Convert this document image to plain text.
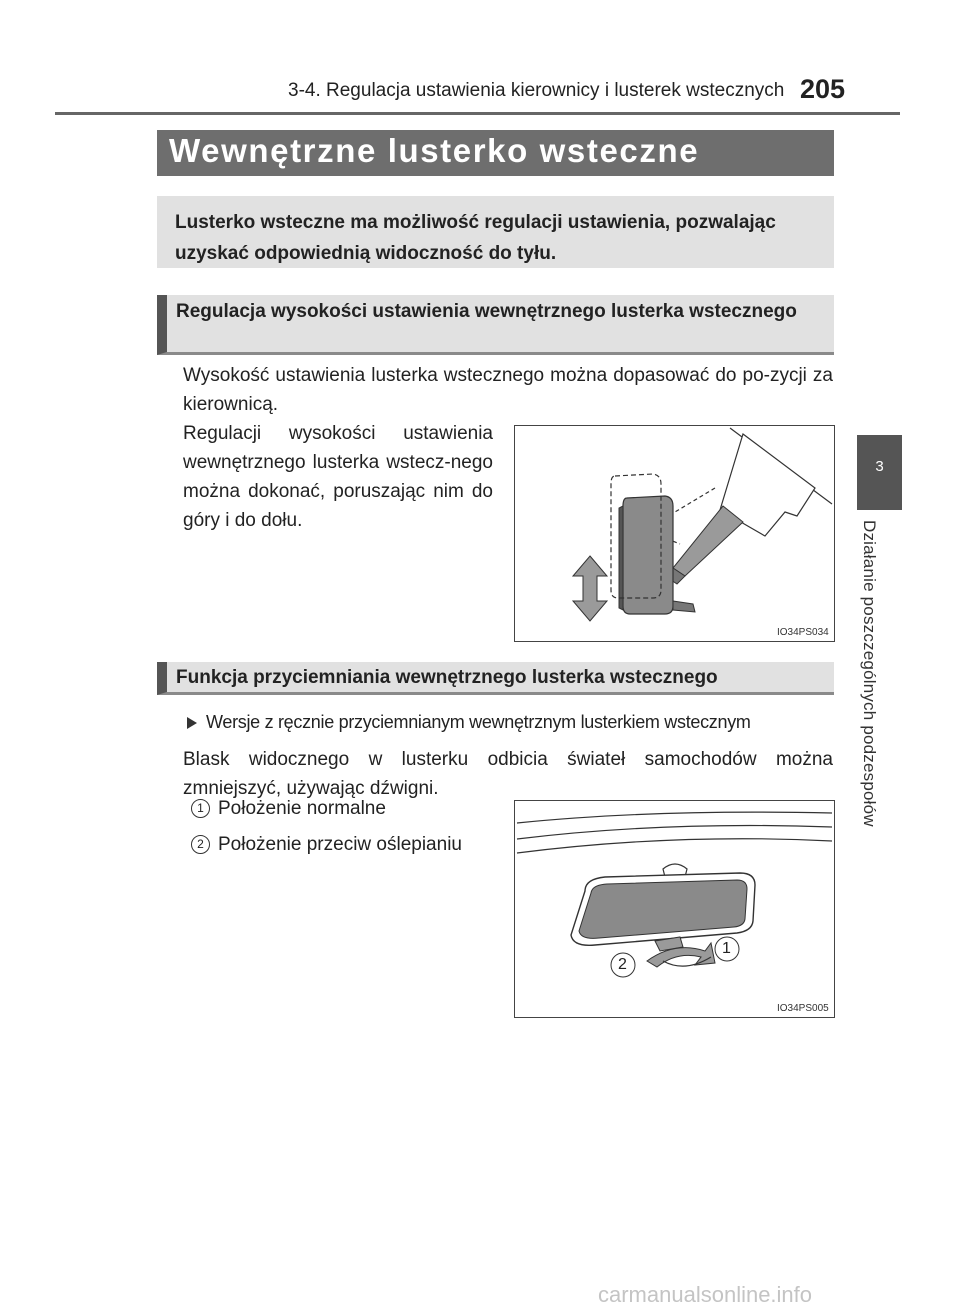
3-4. Regulacja ustawienia kierownicy i lusterek wstecznych 205
3
Działanie poszczególnych podzespołów
Wewnętrzne lusterko wsteczne
Lusterko wsteczne ma możliwość regulacji ustawienia, pozwalając uzyskać odpowiednią widoczność do tyłu.
Regulacja wysokości ustawienia wewnętrznego lusterka wstecznego
Wysokość ustawienia lusterka wstecznego można dopasować do po-zycji za kierownicą.
Regulacji wysokości ustawienia wewnętrznego lusterka wstecz-nego można dokonać, poruszając nim do góry i do dołu.
IO34PS034
Funkcja przyciemniania wewnętrznego lusterka wstecznego
Wersje z ręcznie przyciemnianym wewnętrznym lusterkiem wstecznym
Blask widocznego w lusterku odbicia świateł samochodów można zmniejszyć, używając dźwigni.
1 Położenie normalne
2 Położenie przeciw oślepianiu
1
2
IO34PS005
carmanualsonline.info
